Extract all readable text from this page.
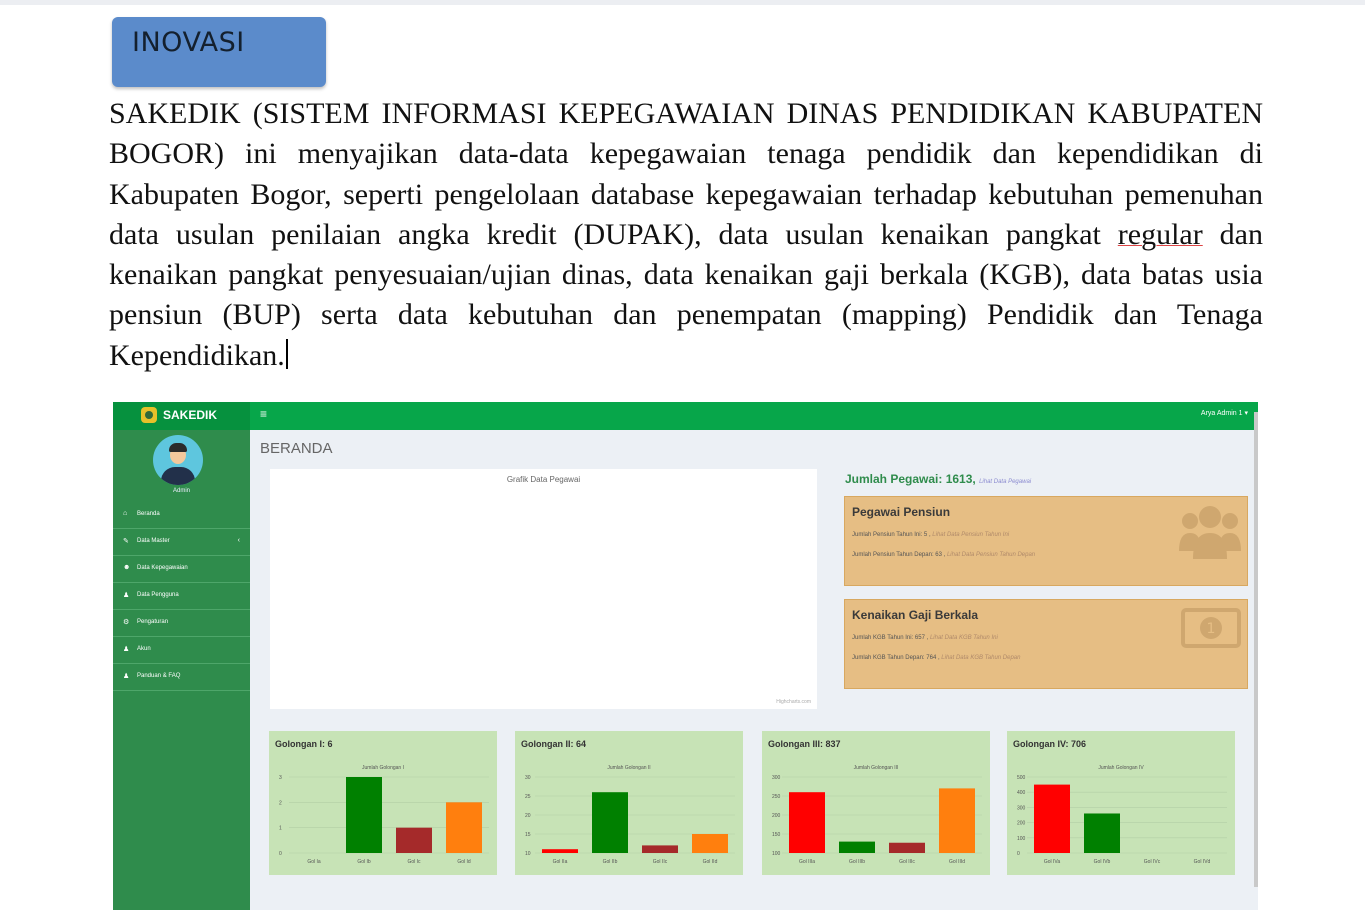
INOVASI

SAKEDIK (SISTEM INFORMASI KEPEGAWAIAN DINAS PENDIDIKAN KABUPATEN BOGOR) ini menyajikan data-data kepegawaian tenaga pendidik dan kependidikan di Kabupaten Bogor, seperti pengelolaan database kepegawaian terhadap kebutuhan pemenuhan data usulan penilaian angka kredit (DUPAK), data usulan kenaikan pangkat regular dan kenaikan pangkat penyesuaian/ujian dinas, data kenaikan gaji berkala (KGB), data batas usia pensiun (BUP) serta data kebutuhan dan penempatan (mapping) Pendidik dan Tenaga Kependidikan.

SAKEDIK
Admin
⌂ Beranda
✎ Data Master	‹
☻ Data Kepegawaian
♟ Data Pengguna
⚙ Pengaturan
♟ Akun
♟ Panduan & FAQ
≡	Arya Admin 1 ▾
BERANDA
Grafik Data Pegawai
Highcharts.com
Jumlah Pegawai: 1613, Lihat Data Pegawai
Pegawai Pensiun
Jumlah Pensiun Tahun Ini: 5 , Lihat Data Pensiun Tahun Ini
Jumlah Pensiun Tahun Depan: 63 , Lihat Data Pensiun Tahun Depan
Kenaikan Gaji Berkala
Jumlah KGB Tahun Ini: 657 , Lihat Data KGB Tahun Ini
Jumlah KGB Tahun Depan: 764 , Lihat Data KGB Tahun Depan
1
Golongan I: 6
Jumlah Golongan I
0
1
2
3
Gol Ia	Gol Ib	Gol Ic	Gol Id
Golongan II: 64
Jumlah Golongan II
10
15
20
25
30
Gol IIa	Gol IIb	Gol IIc	Gol IId
Golongan III: 837
Jumlah Golongan III
100
150
200
250
300
Gol IIIa	Gol IIIb	Gol IIIc	Gol IIId
Golongan IV: 706
Jumlah Golongan IV
0
100
200
300
400
500
Gol IVa	Gol IVb	Gol IVc	Gol IVd
